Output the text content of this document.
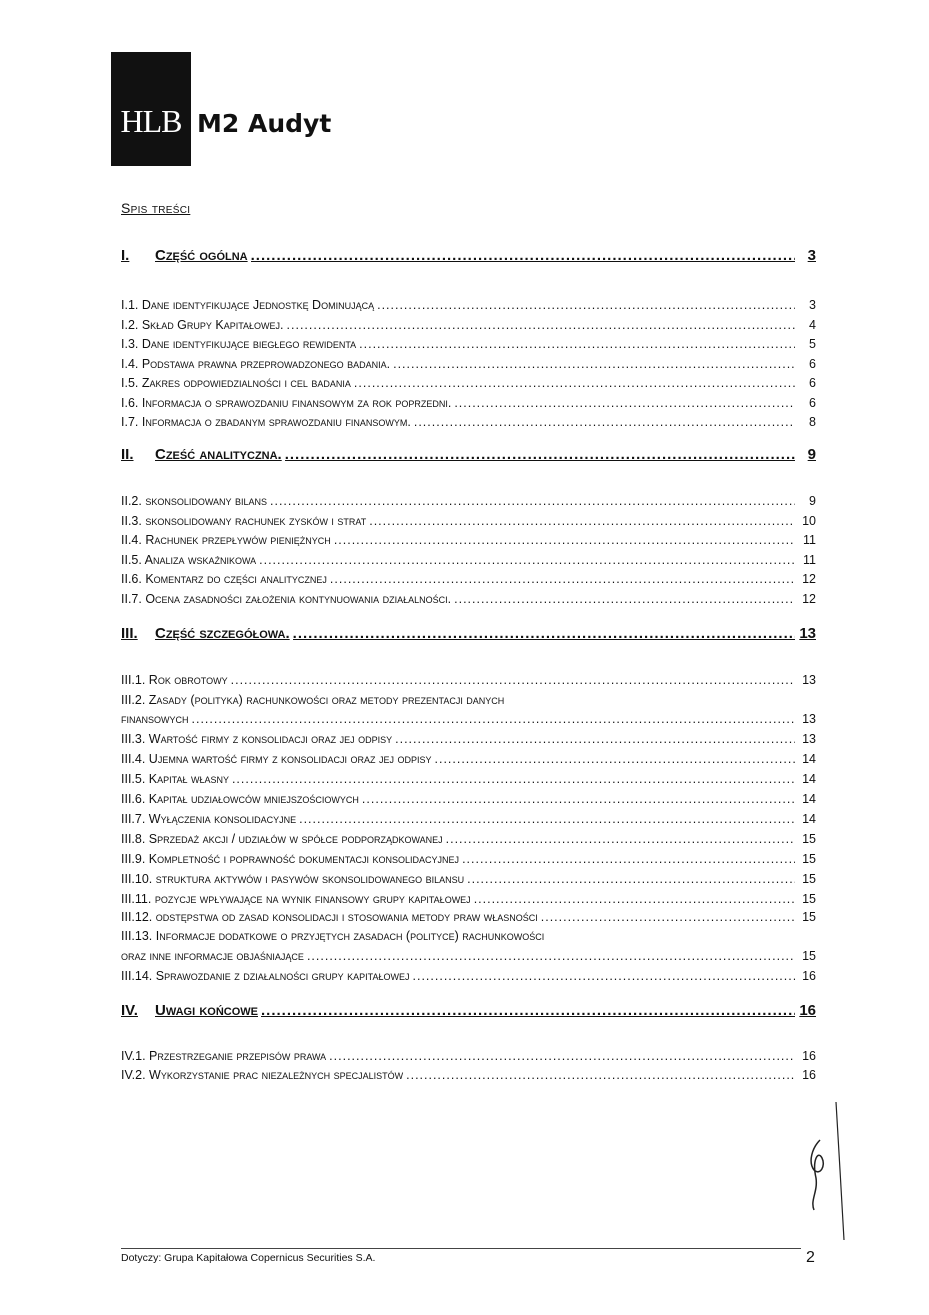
HLB M2 Audyt
Spis treści
I.	Część ogólna .....	3
I.1. Dane identyfikujące Jednostkę Dominującą .....	3
I.2. Skład Grupy Kapitałowej. .....	4
I.3. Dane identyfikujące biegłego rewidenta .....	5
I.4. Podstawa prawna przeprowadzonego badania. .....	6
I.5. Zakres odpowiedzialności i cel badania .....	6
I.6. Informacja o sprawozdaniu finansowym za rok poprzedni. .....	6
I.7. Informacja o zbadanym sprawozdaniu finansowym. .....	8
II.	Cześć analityczna. .....	9
II.2. skonsolidowany bilans .....	9
II.3. skonsolidowany rachunek zysków i strat .....	10
II.4. Rachunek przepływów pieniężnych .....	11
II.5. Analiza wskaźnikowa .....	11
II.6. Komentarz do części analitycznej .....	12
II.7. Ocena zasadności założenia kontynuowania działalności. .....	12
III.	Część szczegółowa. .....	13
III.1. Rok obrotowy .....	13
III.2. Zasady (polityka) rachunkowości oraz metody prezentacji danych
finansowych .....	13
III.3. Wartość firmy z konsolidacji oraz jej odpisy .....	13
III.4. Ujemna wartość firmy z konsolidacji oraz jej odpisy .....	14
III.5. Kapitał własny .....	14
III.6. Kapitał udziałowców mniejszościowych .....	14
III.7. Wyłączenia konsolidacyjne .....	14
III.8. Sprzedaż akcji / udziałów w spółce podporządkowanej .....	15
III.9. Kompletność i poprawność dokumentacji konsolidacyjnej .....	15
III.10. struktura aktywów i pasywów skonsolidowanego bilansu .....	15
III.11. pozycje wpływające na wynik finansowy grupy kapitałowej .....	15
III.12. odstępstwa od zasad konsolidacji i stosowania metody praw własności .....	15
III.13. Informacje dodatkowe o przyjętych zasadach (polityce) rachunkowości
oraz inne informacje objaśniające .....	15
III.14. Sprawozdanie z działalności grupy kapitałowej .....	16
IV.	Uwagi końcowe .....	16
IV.1. Przestrzeganie przepisów prawa .....	16
IV.2. Wykorzystanie prac niezależnych specjalistów .....	16
Dotyczy: Grupa Kapitałowa Copernicus Securities S.A.	2
